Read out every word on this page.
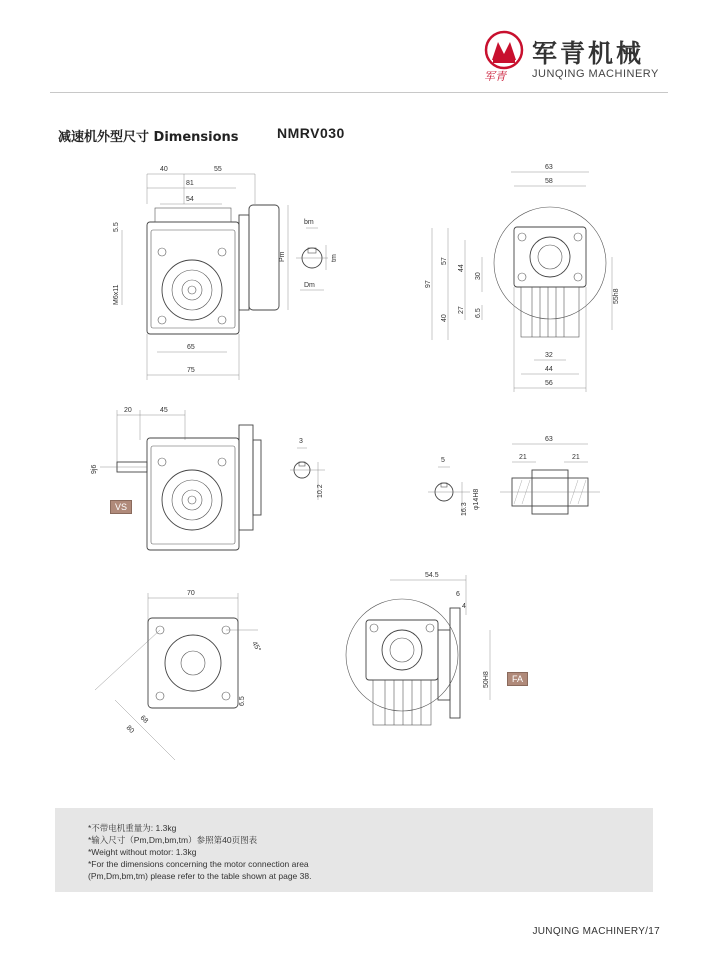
军青机械
军青 JUNQING MACHINERY
减速机外型尺寸 Dimensions	NMRV030
40	55
81
54
5.5
M6x11
Pm
65
75
bm
tm
Dm
63
58
97
57
40
44
30
27 6.5
55h8
32
44
56
20	45
9j6
3
10.2
5
16.3 φ14H8
63
21	21
70
45°
68
80
6.5
54.5
6
4
50H8
VS
FA
*不带电机重量为: 1.3kg
*输入尺寸（Pm,Dm,bm,tm）参照第40页图表
*Weight without motor: 1.3kg
*For the dimensions concerning the motor connection area
(Pm,Dm,bm,tm) please refer to the table shown at page 38.
JUNQING MACHINERY/17
